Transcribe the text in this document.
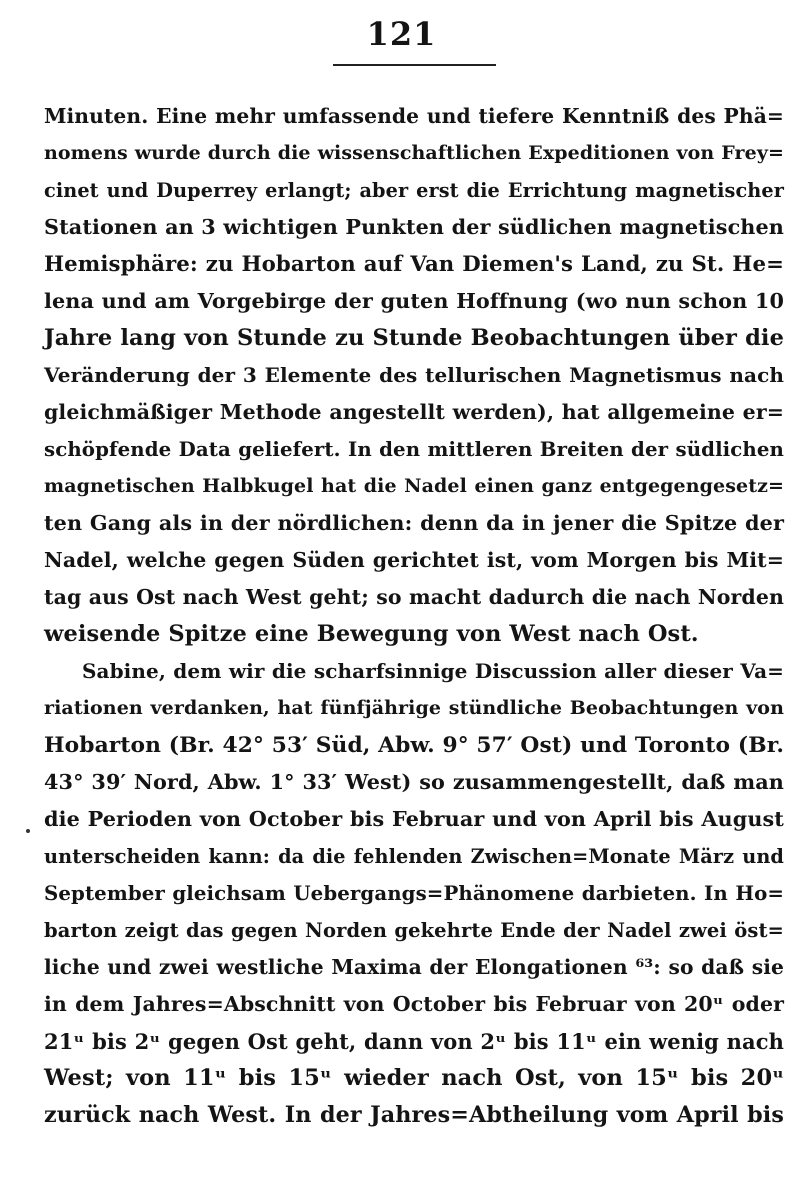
121
Minuten. Eine mehr umfassende und tiefere Kenntniß des Phä=
nomens wurde durch die wissenschaftlichen Expeditionen von Frey=
cinet und Duperrey erlangt; aber erst die Errichtung magnetischer
Stationen an 3 wichtigen Punkten der südlichen magnetischen
Hemisphäre: zu Hobarton auf Van Diemen's Land, zu St. He=
lena und am Vorgebirge der guten Hoffnung (wo nun schon 10
Jahre lang von Stunde zu Stunde Beobachtungen über die
Veränderung der 3 Elemente des tellurischen Magnetismus nach
gleichmäßiger Methode angestellt werden), hat allgemeine er=
schöpfende Data geliefert. In den mittleren Breiten der südlichen
magnetischen Halbkugel hat die Nadel einen ganz entgegengesetz=
ten Gang als in der nördlichen: denn da in jener die Spitze der
Nadel, welche gegen Süden gerichtet ist, vom Morgen bis Mit=
tag aus Ost nach West geht; so macht dadurch die nach Norden
weisende Spitze eine Bewegung von West nach Ost.
Sabine, dem wir die scharfsinnige Discussion aller dieser Va=
riationen verdanken, hat fünfjährige stündliche Beobachtungen von
Hobarton (Br. 42° 53′ Süd, Abw. 9° 57′ Ost) und Toronto (Br.
43° 39′ Nord, Abw. 1° 33′ West) so zusammengestellt, daß man
die Perioden von October bis Februar und von April bis August
unterscheiden kann: da die fehlenden Zwischen=Monate März und
September gleichsam Uebergangs=Phänomene darbieten. In Ho=
barton zeigt das gegen Norden gekehrte Ende der Nadel zwei öst=
liche und zwei westliche Maxima der Elongationen ⁶³: so daß sie
in dem Jahres=Abschnitt von October bis Februar von 20ᵘ oder
21ᵘ bis 2ᵘ gegen Ost geht, dann von 2ᵘ bis 11ᵘ ein wenig nach
West; von 11ᵘ bis 15ᵘ wieder nach Ost, von 15ᵘ bis 20ᵘ
zurück nach West. In der Jahres=Abtheilung vom April bis
